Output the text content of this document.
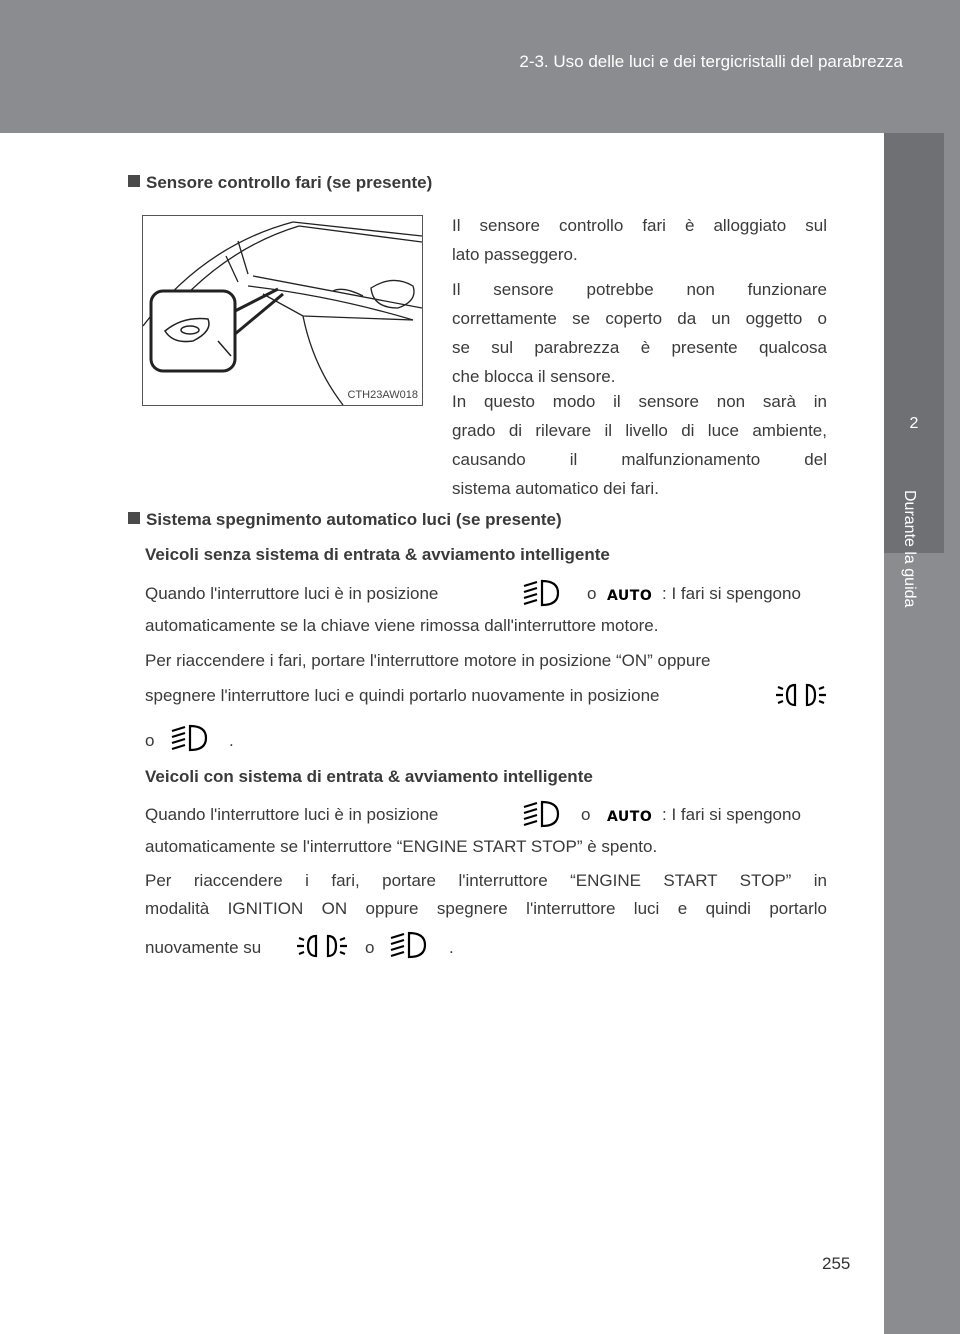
2-3. Uso delle luci e dei tergicristalli del parabrezza
2
Durante la guida
Sensore controllo fari (se presente)
CTH23AW018
Il sensore controllo fari è alloggiato sul
lato passeggero.
Il sensore potrebbe non funzionare
correttamente se coperto da un oggetto o
se sul parabrezza è presente qualcosa
che blocca il sensore.
In questo modo il sensore non sarà in
grado di rilevare il livello di luce ambiente,
causando il malfunzionamento del
sistema automatico dei fari.
Sistema spegnimento automatico luci (se presente)
Veicoli senza sistema di entrata & avviamento intelligente
Quando l'interruttore luci è in posizione	o AUTO : I fari si spengono
automaticamente se la chiave viene rimossa dall'interruttore motore.
Per riaccendere i fari, portare l'interruttore motore in posizione “ON” oppure
spegnere l'interruttore luci e quindi portarlo nuovamente in posizione
o	.
Veicoli con sistema di entrata & avviamento intelligente
Quando l'interruttore luci è in posizione	o AUTO : I fari si spengono
automaticamente se l'interruttore “ENGINE START STOP” è spento.
Per riaccendere i fari, portare l'interruttore “ENGINE START STOP” in
modalità IGNITION ON oppure spegnere l'interruttore luci e quindi portarlo
nuovamente su	o	.
255
